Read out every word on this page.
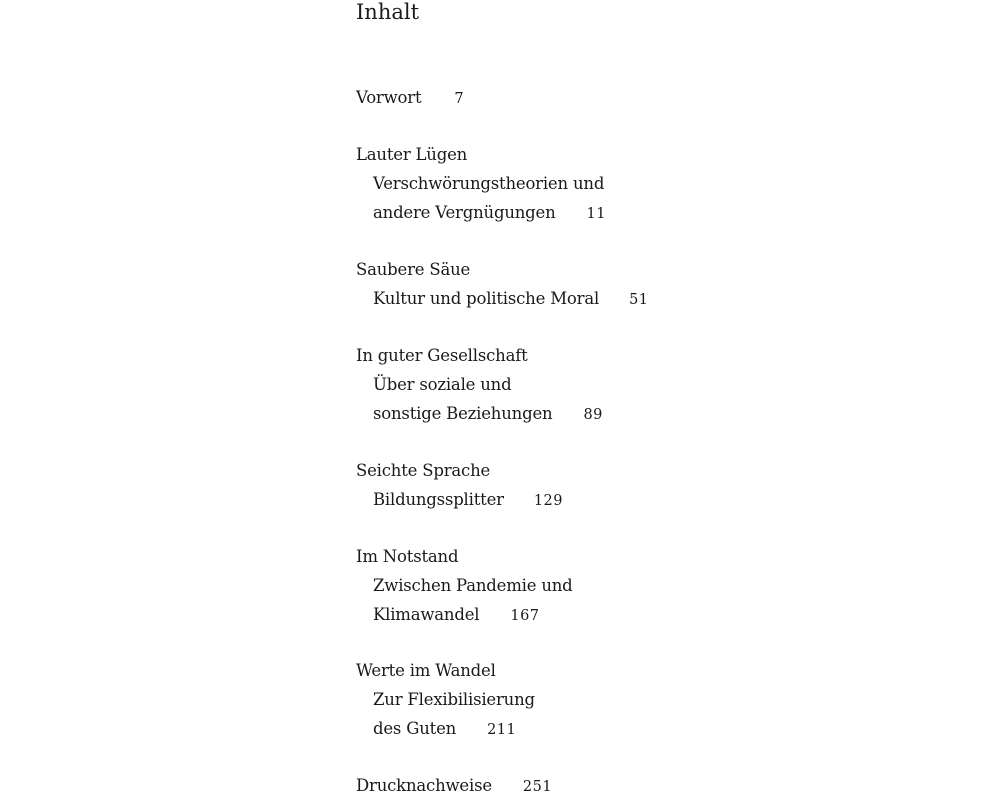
Inhalt
Vorwort 7
Lauter Lügen
Verschwörungstheorien und
andere Vergnügungen 11
Saubere Säue
Kultur und politische Moral 51
In guter Gesellschaft
Über soziale und
sonstige Beziehungen 89
Seichte Sprache
Bildungssplitter 129
Im Notstand
Zwischen Pandemie und
Klimawandel 167
Werte im Wandel
Zur Flexibilisierung
des Guten 211
Drucknachweise 251
